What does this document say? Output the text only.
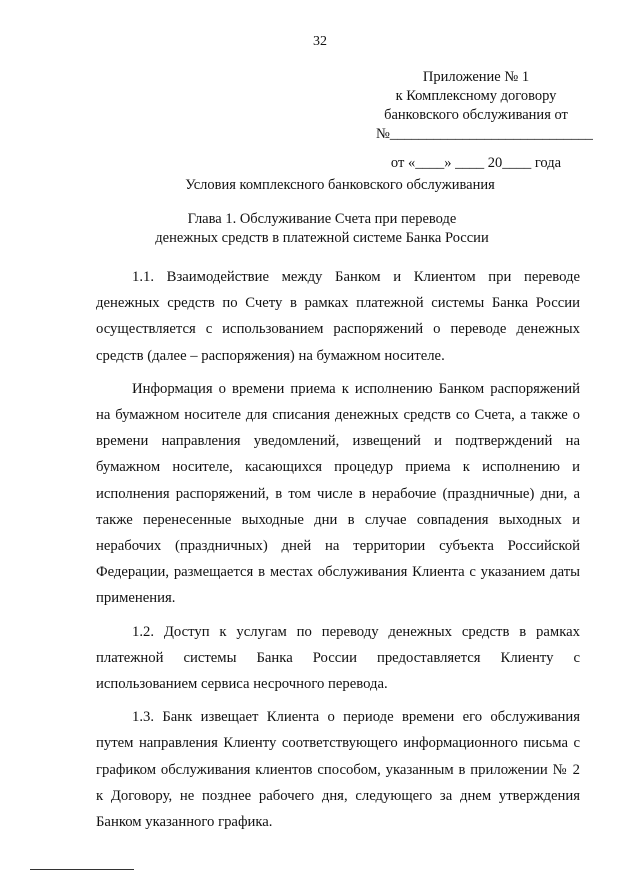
32
Приложение № 1
к Комплексному договору
банковского обслуживания от
№____________________________
от «____» ____ 20____ года
Условия комплексного банковского обслуживания
Глава 1. Обслуживание Счета при переводе
денежных средств в платежной системе Банка России

1.1. Взаимодействие между Банком и Клиентом при переводе денежных средств по Счету в рамках платежной системы Банка России осуществляется с использованием распоряжений о переводе денежных средств (далее – распоряжения) на бумажном носителе.

Информация о времени приема к исполнению Банком распоряжений на бумажном носителе для списания денежных средств со Счета, а также о времени направления уведомлений, извещений и подтверждений на бумажном носителе, касающихся процедур приема к исполнению и исполнения распоряжений, в том числе в нерабочие (праздничные) дни, а также перенесенные выходные дни в случае совпадения выходных и нерабочих (праздничных) дней на территории субъекта Российской Федерации, размещается в местах обслуживания Клиента с указанием даты применения.

1.2. Доступ к услугам по переводу денежных средств в рамках платежной системы Банка России предоставляется Клиенту с использованием сервиса несрочного перевода.

1.3. Банк извещает Клиента о периоде времени его обслуживания путем направления Клиенту соответствующего информационного письма с графиком обслуживания клиентов способом, указанным в приложении № 2 к Договору, не позднее рабочего дня, следующего за днем утверждения Банком указанного графика.
